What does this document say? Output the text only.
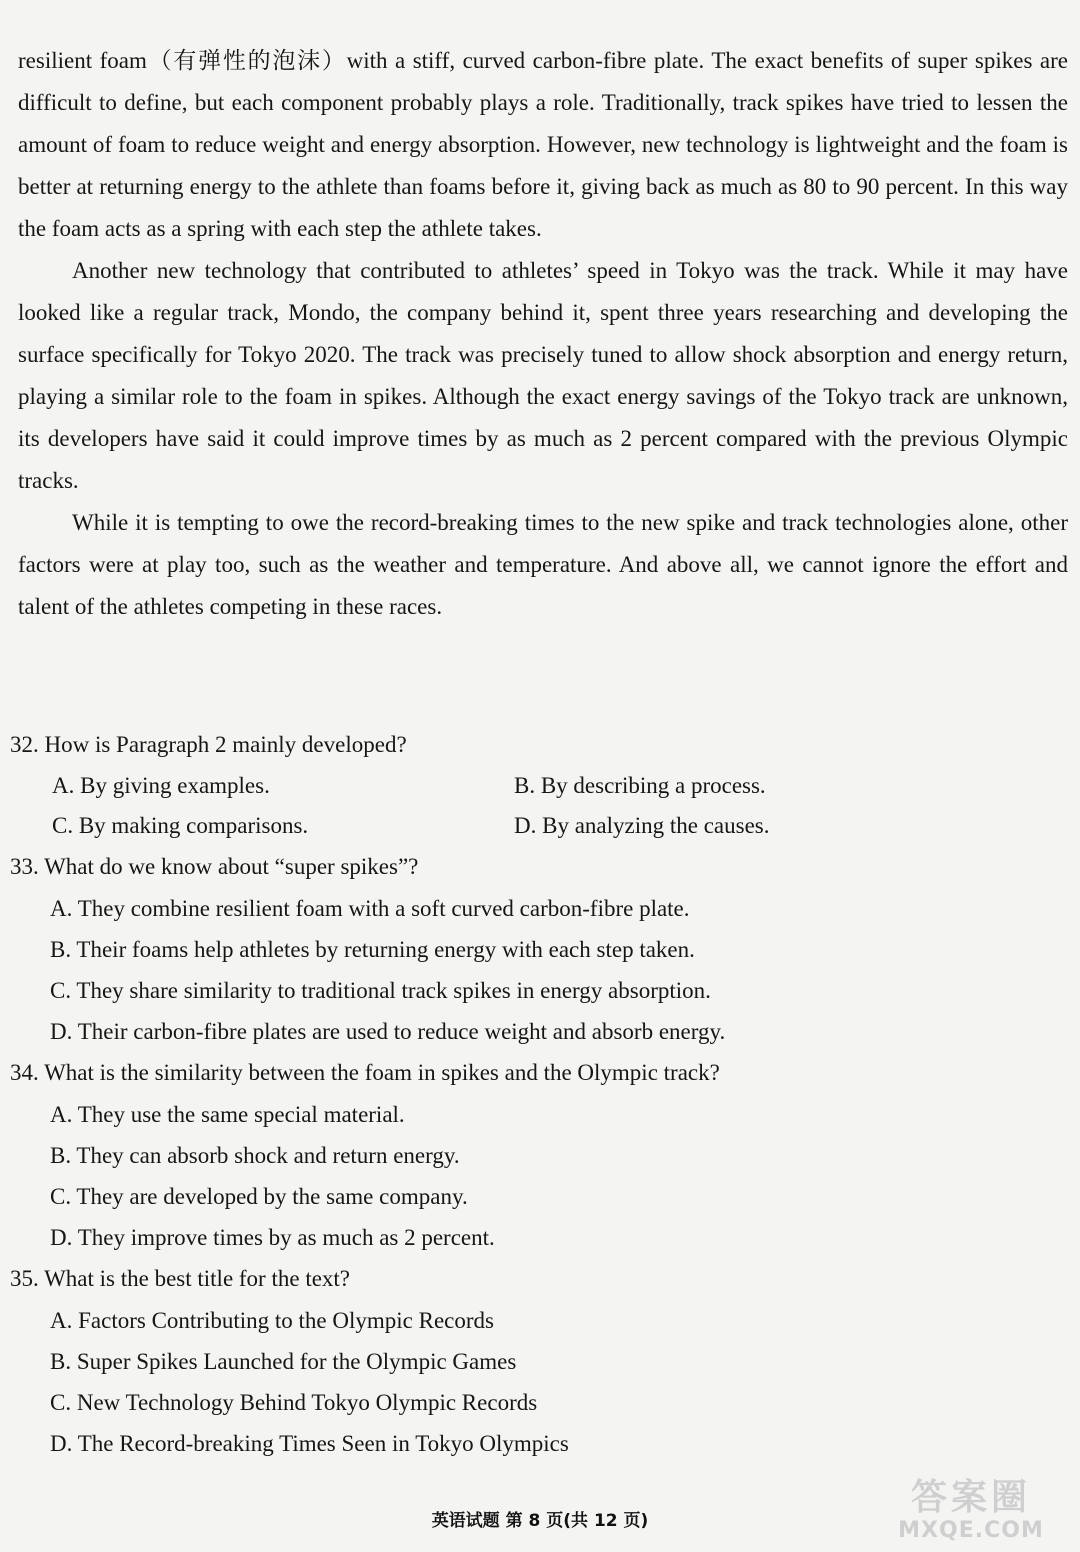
resilient foam（有弹性的泡沫）with a stiff, curved carbon-fibre plate. The exact benefits of super spikes are difficult to define, but each component probably plays a role. Traditionally, track spikes have tried to lessen the amount of foam to reduce weight and energy absorption. However, new technology is lightweight and the foam is better at returning energy to the athlete than foams before it, giving back as much as 80 to 90 percent. In this way the foam acts as a spring with each step the athlete takes.

Another new technology that contributed to athletes’ speed in Tokyo was the track. While it may have looked like a regular track, Mondo, the company behind it, spent three years researching and developing the surface specifically for Tokyo 2020. The track was precisely tuned to allow shock absorption and energy return, playing a similar role to the foam in spikes. Although the exact energy savings of the Tokyo track are unknown, its developers have said it could improve times by as much as 2 percent compared with the previous Olympic tracks.

While it is tempting to owe the record-breaking times to the new spike and track technologies alone, other factors were at play too, such as the weather and temperature. And above all, we cannot ignore the effort and talent of the athletes competing in these races.

32. How is Paragraph 2 mainly developed?
A. By giving examples.	B. By describing a process.
C. By making comparisons.	D. By analyzing the causes.
33. What do we know about “super spikes”?
A. They combine resilient foam with a soft curved carbon-fibre plate.
B. Their foams help athletes by returning energy with each step taken.
C. They share similarity to traditional track spikes in energy absorption.
D. Their carbon-fibre plates are used to reduce weight and absorb energy.
34. What is the similarity between the foam in spikes and the Olympic track?
A. They use the same special material.
B. They can absorb shock and return energy.
C. They are developed by the same company.
D. They improve times by as much as 2 percent.
35. What is the best title for the text?
A. Factors Contributing to the Olympic Records
B. Super Spikes Launched for the Olympic Games
C. New Technology Behind Tokyo Olympic Records
D. The Record-breaking Times Seen in Tokyo Olympics
英语试题 第 8 页(共 12 页)
答案圈
MXQE.COM
